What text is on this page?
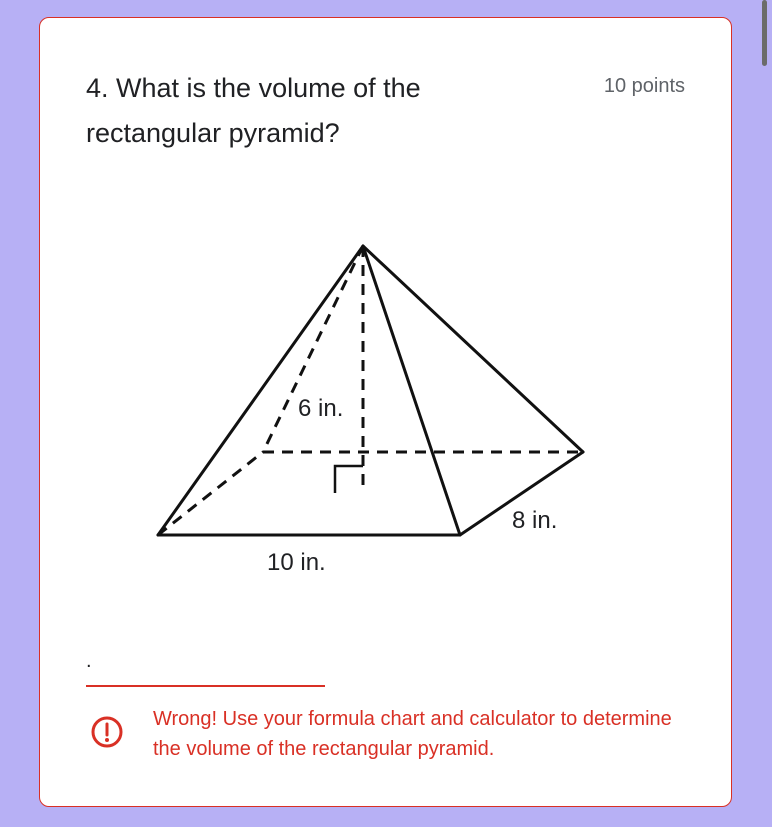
4. What is the volume of the rectangular pyramid?
10 points
6 in.
8 in.
10 in.
.
Wrong! Use your formula chart and calculator to determine the volume of the rectangular pyramid.
